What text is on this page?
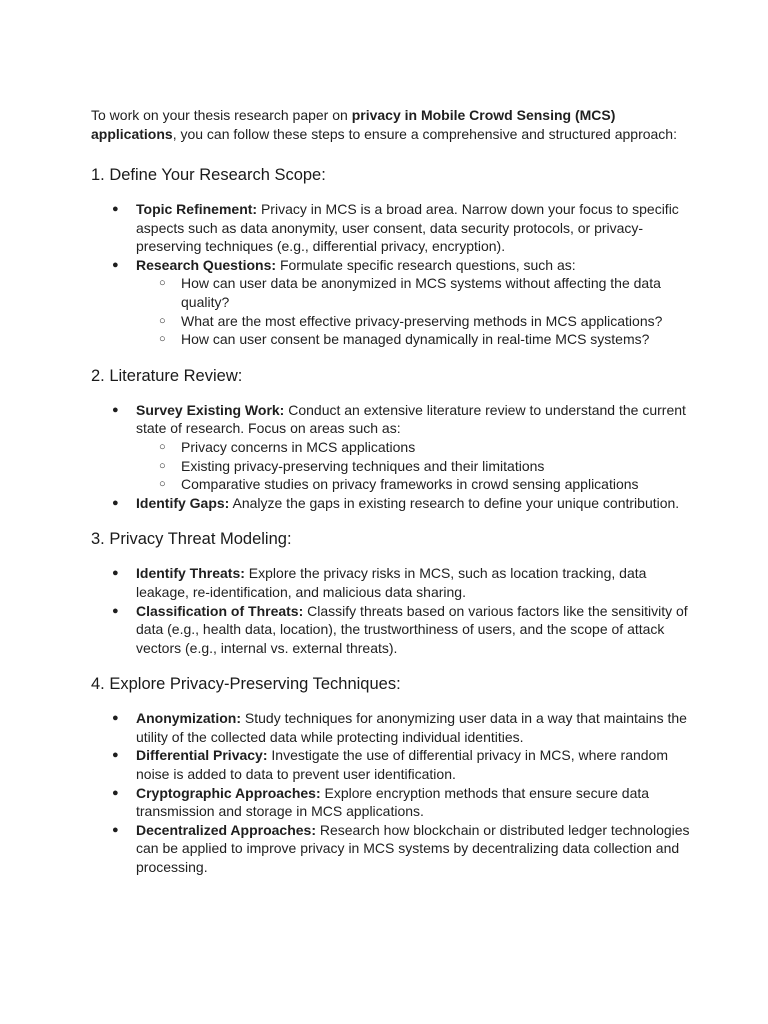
To work on your thesis research paper on privacy in Mobile Crowd Sensing (MCS) applications, you can follow these steps to ensure a comprehensive and structured approach:

1. Define Your Research Scope:
● Topic Refinement: Privacy in MCS is a broad area. Narrow down your focus to specific aspects such as data anonymity, user consent, data security protocols, or privacy-preserving techniques (e.g., differential privacy, encryption).
● Research Questions: Formulate specific research questions, such as:
○ How can user data be anonymized in MCS systems without affecting the data quality?
○ What are the most effective privacy-preserving methods in MCS applications?
○ How can user consent be managed dynamically in real-time MCS systems?
2. Literature Review:
● Survey Existing Work: Conduct an extensive literature review to understand the current state of research. Focus on areas such as:
○ Privacy concerns in MCS applications
○ Existing privacy-preserving techniques and their limitations
○ Comparative studies on privacy frameworks in crowd sensing applications
● Identify Gaps: Analyze the gaps in existing research to define your unique contribution.
3. Privacy Threat Modeling:
● Identify Threats: Explore the privacy risks in MCS, such as location tracking, data leakage, re-identification, and malicious data sharing.
● Classification of Threats: Classify threats based on various factors like the sensitivity of data (e.g., health data, location), the trustworthiness of users, and the scope of attack vectors (e.g., internal vs. external threats).
4. Explore Privacy-Preserving Techniques:
● Anonymization: Study techniques for anonymizing user data in a way that maintains the utility of the collected data while protecting individual identities.
● Differential Privacy: Investigate the use of differential privacy in MCS, where random noise is added to data to prevent user identification.
● Cryptographic Approaches: Explore encryption methods that ensure secure data transmission and storage in MCS applications.
● Decentralized Approaches: Research how blockchain or distributed ledger technologies can be applied to improve privacy in MCS systems by decentralizing data collection and processing.
